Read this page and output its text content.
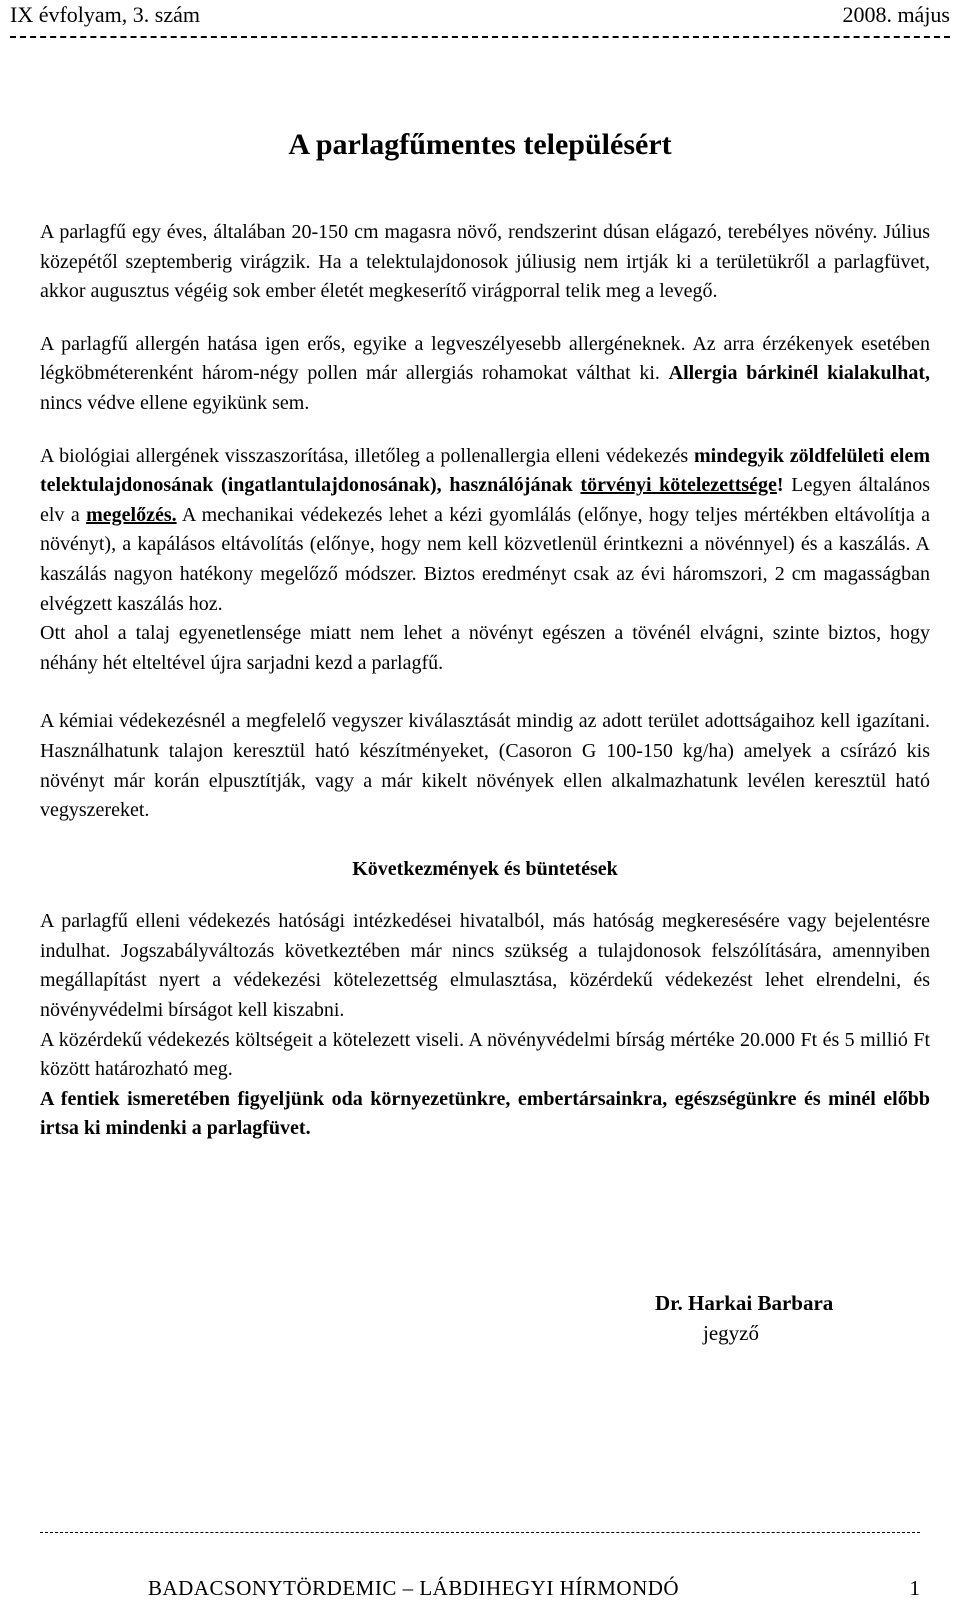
IX évfolyam, 3. szám	2008. május
A parlagfűmentes településért

A parlagfű egy éves, általában 20-150 cm magasra növő, rendszerint dúsan elágazó, terebélyes növény. Július közepétől szeptemberig virágzik. Ha a telektulajdonosok júliusig nem irtják ki a területükről a parlagfüvet, akkor augusztus végéig sok ember életét megkeserítő virágporral telik meg a levegő.

A parlagfű allergén hatása igen erős, egyike a legveszélyesebb allergéneknek. Az arra érzékenyek esetében légköbméterenként három-négy pollen már allergiás rohamokat válthat ki. Allergia bárkinél kialakulhat, nincs védve ellene egyikünk sem.

A biológiai allergének visszaszorítása, illetőleg a pollenallergia elleni védekezés mindegyik zöldfelületi elem telektulajdonosának (ingatlantulajdonosának), használójának törvényi kötelezettsége! Legyen általános elv a megelőzés. A mechanikai védekezés lehet a kézi gyomlálás (előnye, hogy teljes mértékben eltávolítja a növényt), a kapálásos eltávolítás (előnye, hogy nem kell közvetlenül érintkezni a növénnyel) és a kaszálás. A kaszálás nagyon hatékony megelőző módszer. Biztos eredményt csak az évi háromszori, 2 cm magasságban elvégzett kaszálás hoz.

Ott ahol a talaj egyenetlensége miatt nem lehet a növényt egészen a tövénél elvágni, szinte biztos, hogy néhány hét elteltével újra sarjadni kezd a parlagfű.

A kémiai védekezésnél a megfelelő vegyszer kiválasztását mindig az adott terület adottságaihoz kell igazítani. Használhatunk talajon keresztül ható készítményeket, (Casoron G 100-150 kg/ha) amelyek a csírázó kis növényt már korán elpusztítják, vagy a már kikelt növények ellen alkalmazhatunk levélen keresztül ható vegyszereket.

Következmények és büntetések

A parlagfű elleni védekezés hatósági intézkedései hivatalból, más hatóság megkeresésére vagy bejelentésre indulhat. Jogszabályváltozás következtében már nincs szükség a tulajdonosok felszólítására, amennyiben megállapítást nyert a védekezési kötelezettség elmulasztása, közérdekű védekezést lehet elrendelni, és növényvédelmi bírságot kell kiszabni.

A közérdekű védekezés költségeit a kötelezett viseli. A növényvédelmi bírság mértéke 20.000 Ft és 5 millió Ft között határozható meg.

A fentiek ismeretében figyeljünk oda környezetünkre, embertársainkra, egészségünkre és minél előbb irtsa ki mindenki a parlagfüvet.

Dr. Harkai Barbara
jegyző
BADACSONYTÖRDEMIC – LÁBDIHEGYI HÍRMONDÓ	1
